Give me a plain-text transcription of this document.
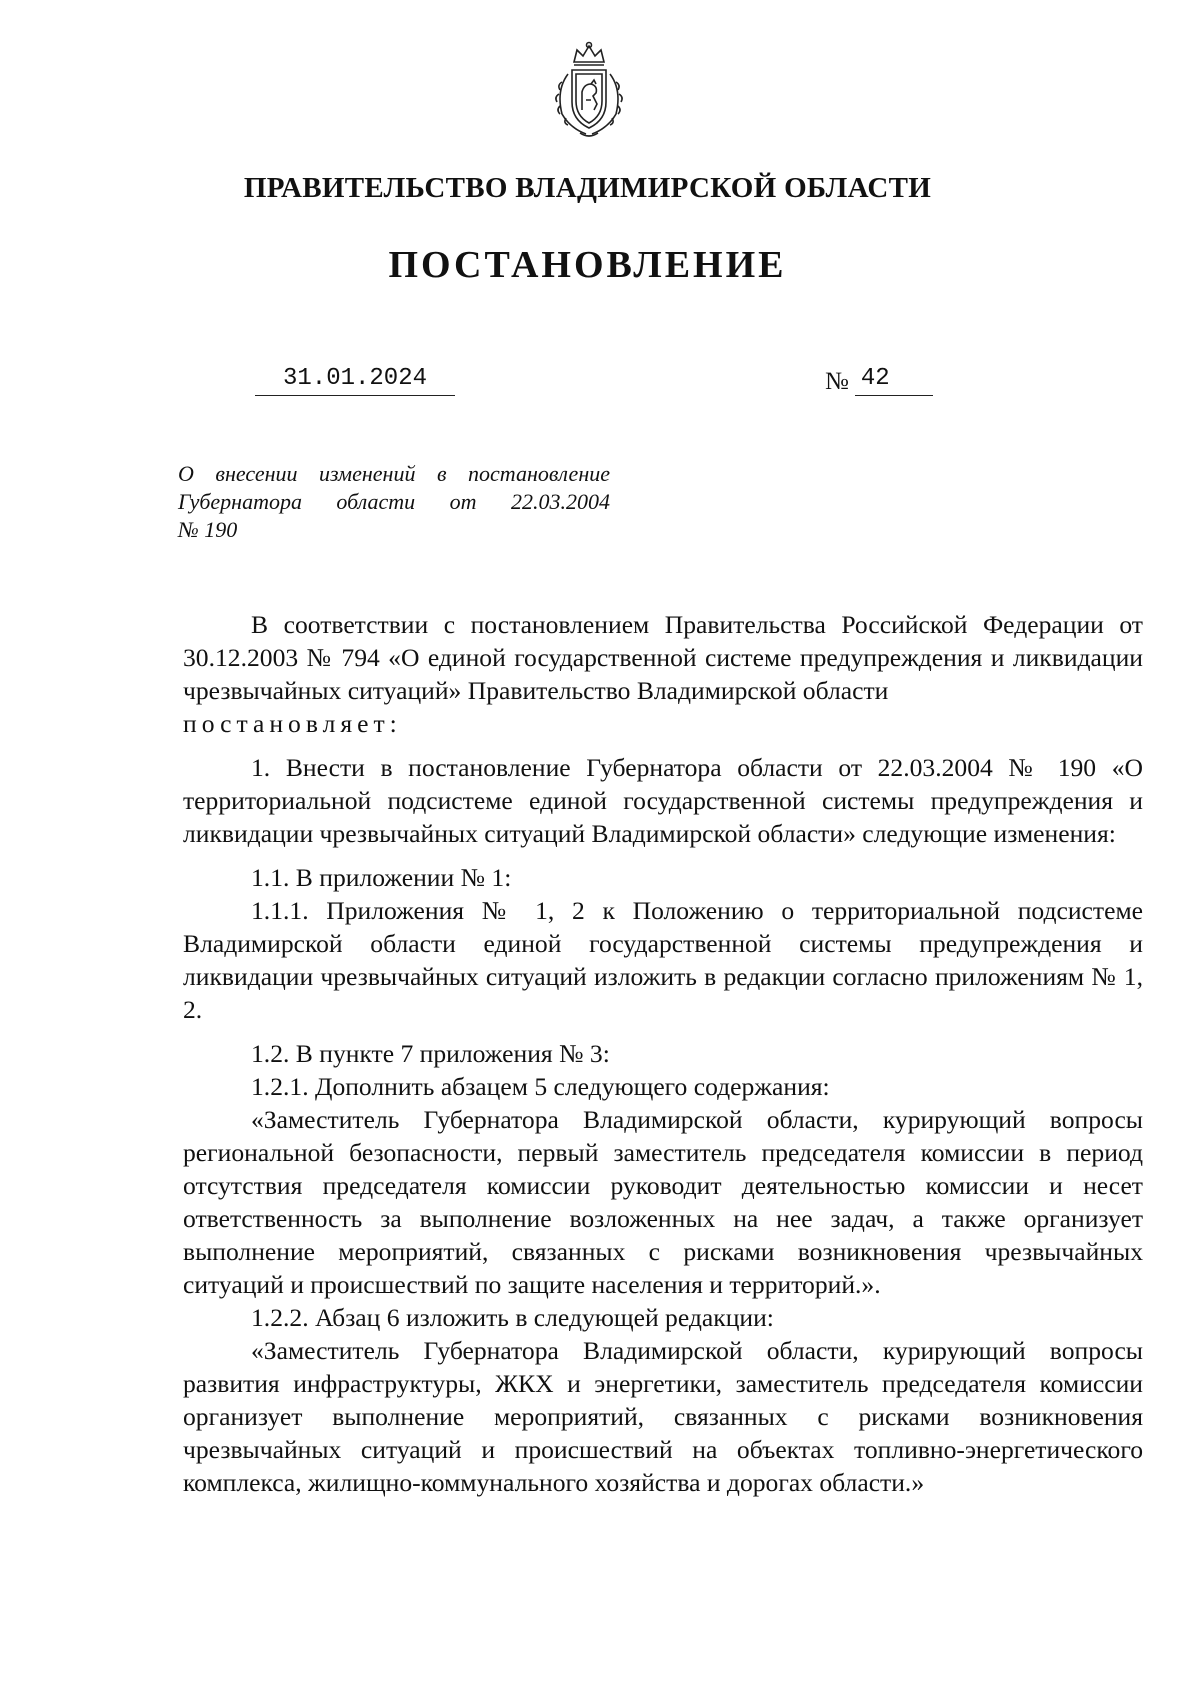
ПРАВИТЕЛЬСТВО ВЛАДИМИРСКОЙ ОБЛАСТИ
ПОСТАНОВЛЕНИЕ
31.01.2024	№ 42
О внесении изменений в постановление
Губернатора области от 22.03.2004
№ 190

В соответствии с постановлением Правительства Российской Федерации от 30.12.2003 № 794 «О единой государственной системе предупреждения и ликвидации чрезвычайных ситуаций» Правительство Владимирской области

постановляет:

1. Внести в постановление Губернатора области от 22.03.2004 № 190 «О территориальной подсистеме единой государственной системы предупреждения и ликвидации чрезвычайных ситуаций Владимирской области» следующие изменения:

1.1. В приложении № 1:

1.1.1. Приложения № 1, 2 к Положению о территориальной подсистеме Владимирской области единой государственной системы предупреждения и ликвидации чрезвычайных ситуаций изложить в редакции согласно приложениям № 1, 2.

1.2. В пункте 7 приложения № 3:

1.2.1. Дополнить абзацем 5 следующего содержания:

«Заместитель Губернатора Владимирской области, курирующий вопросы региональной безопасности, первый заместитель председателя комиссии в период отсутствия председателя комиссии руководит деятельностью комиссии и несет ответственность за выполнение возложенных на нее задач, а также организует выполнение мероприятий, связанных с рисками возникновения чрезвычайных ситуаций и происшествий по защите населения и территорий.».

1.2.2. Абзац 6 изложить в следующей редакции:

«Заместитель Губернатора Владимирской области, курирующий вопросы развития инфраструктуры, ЖКХ и энергетики, заместитель председателя комиссии организует выполнение мероприятий, связанных с рисками возникновения чрезвычайных ситуаций и происшествий на объектах топливно-энергетического комплекса, жилищно-коммунального хозяйства и дорогах области.»
